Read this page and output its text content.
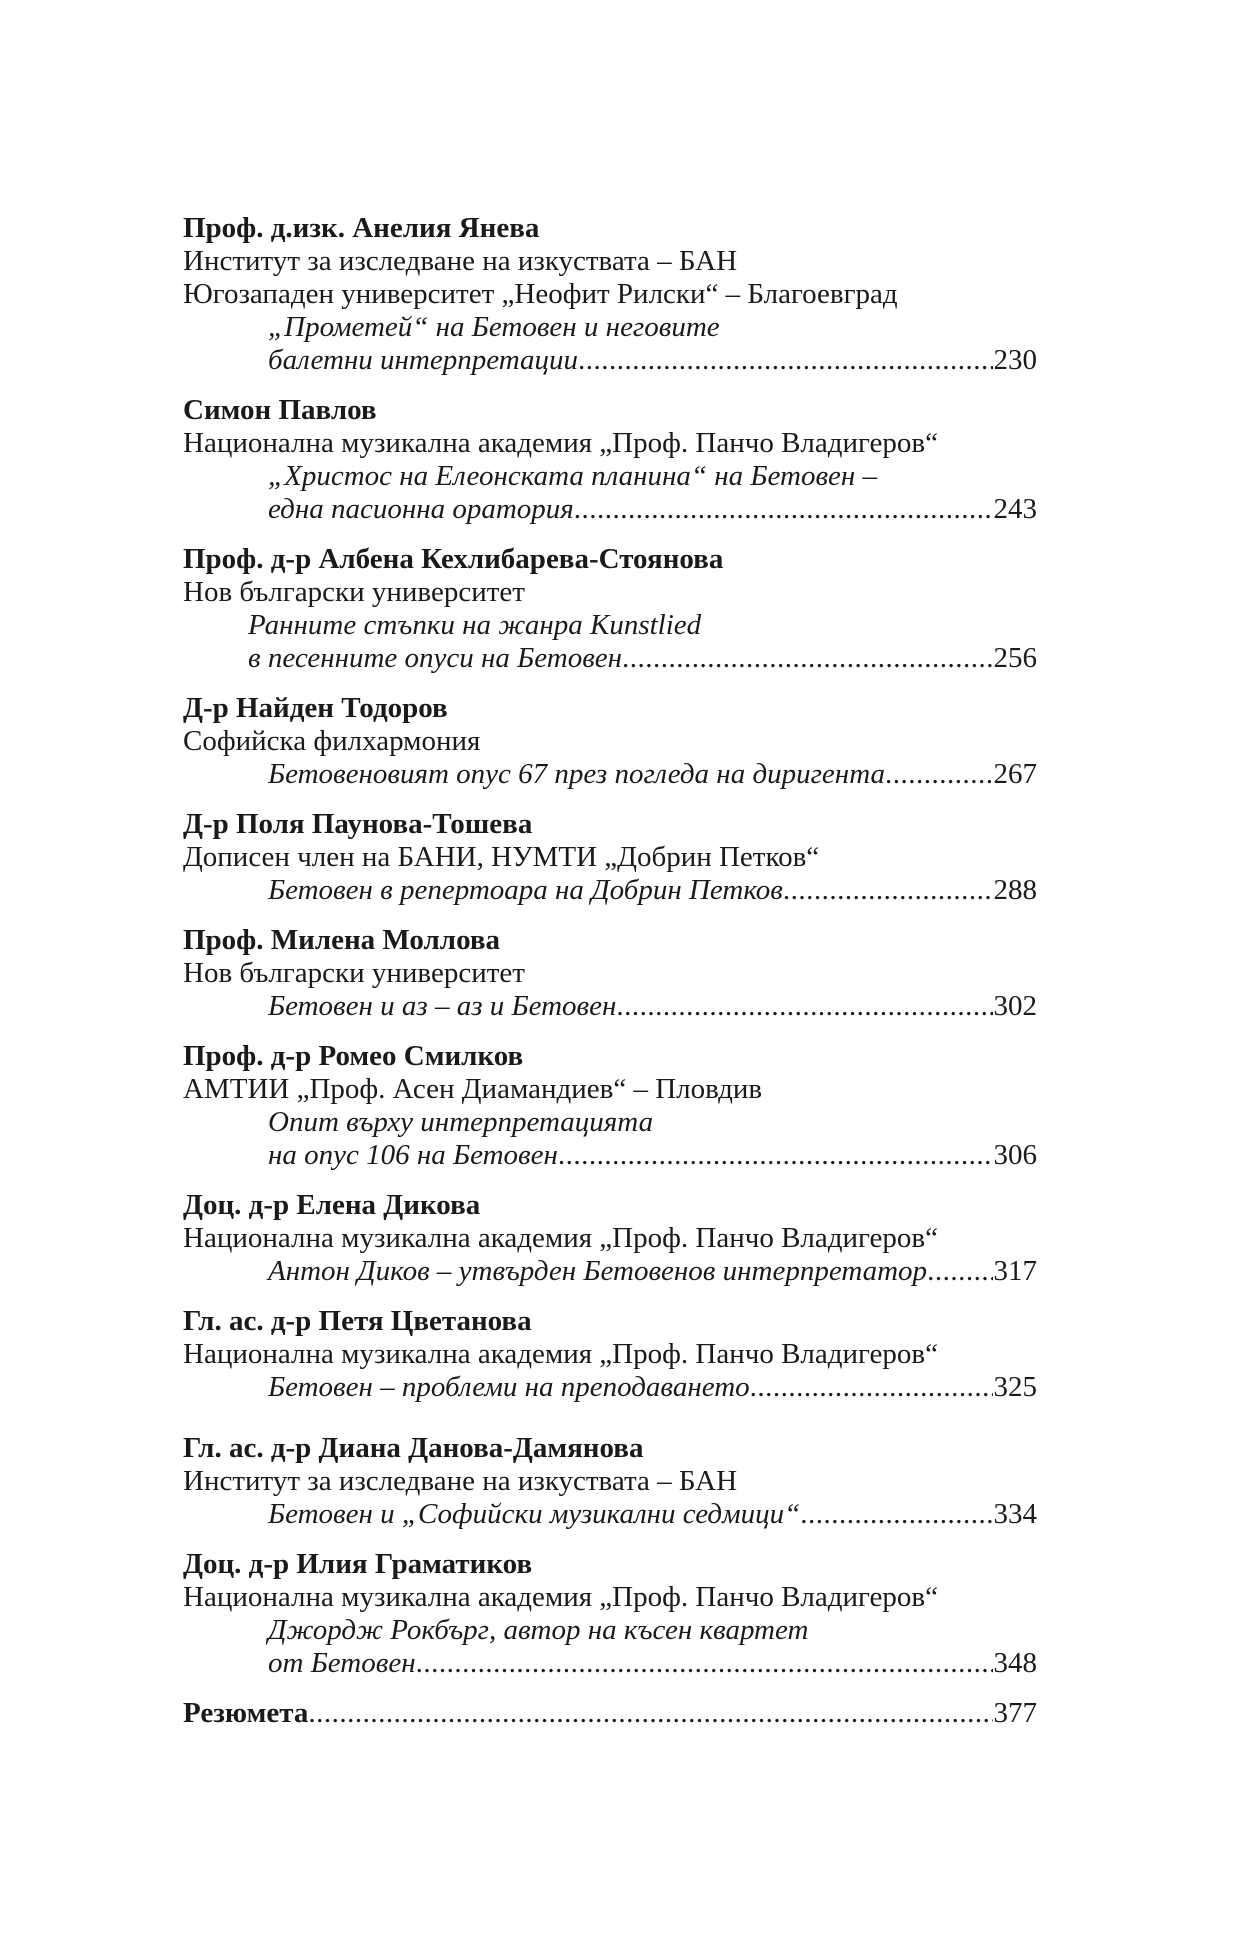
Проф. д.изк. Анелия Янева
Институт за изследване на изкуствата – БАН
Югозападен университет „Неофит Рилски“ – Благоевград
„Прометей“ на Бетовен и неговите
балетни интерпретации .....	230
Симон Павлов
Национална музикална академия „Проф. Панчо Владигеров“
„Христос на Елеонската планина“ на Бетовен –
една пасионна оратория .....	243
Проф. д-р Албена Кехлибарева-Стоянова
Нов български университет
Ранните стъпки на жанра Kunstlied
в песенните опуси на Бетовен .....	256
Д-р Найден Тодоров
Софийска филхармония
Бетовеновият опус 67 през погледа на диригента .....	267
Д-р Поля Паунова-Тошева
Дописен член на БАНИ, НУМТИ „Добрин Петков“
Бетовен в репертоара на Добрин Петков .....	288
Проф. Милена Моллова
Нов български университет
Бетовен и аз – аз и Бетовен .....	302
Проф. д-р Ромео Смилков
АМТИИ „Проф. Асен Диамандиев“ – Пловдив
Опит върху интерпретацията
на опус 106 на Бетовен .....	306
Доц. д-р Елена Дикова
Национална музикална академия „Проф. Панчо Владигеров“
Антон Диков – утвърден Бетовенов интерпретатор ..... 317
Гл. ас. д-р Петя Цветанова
Национална музикална академия „Проф. Панчо Владигеров“
Бетовен – проблеми на преподаването .....	325
Гл. ас. д-р Диана Данова-Дамянова
Институт за изследване на изкуствата – БАН
Бетовен и „Софийски музикални седмици“ .....	334
Доц. д-р Илия Граматиков
Национална музикална академия „Проф. Панчо Владигеров“
Джордж Рокбърг, автор на късен квартет
от Бетовен .....	348
Резюмета .....	377
